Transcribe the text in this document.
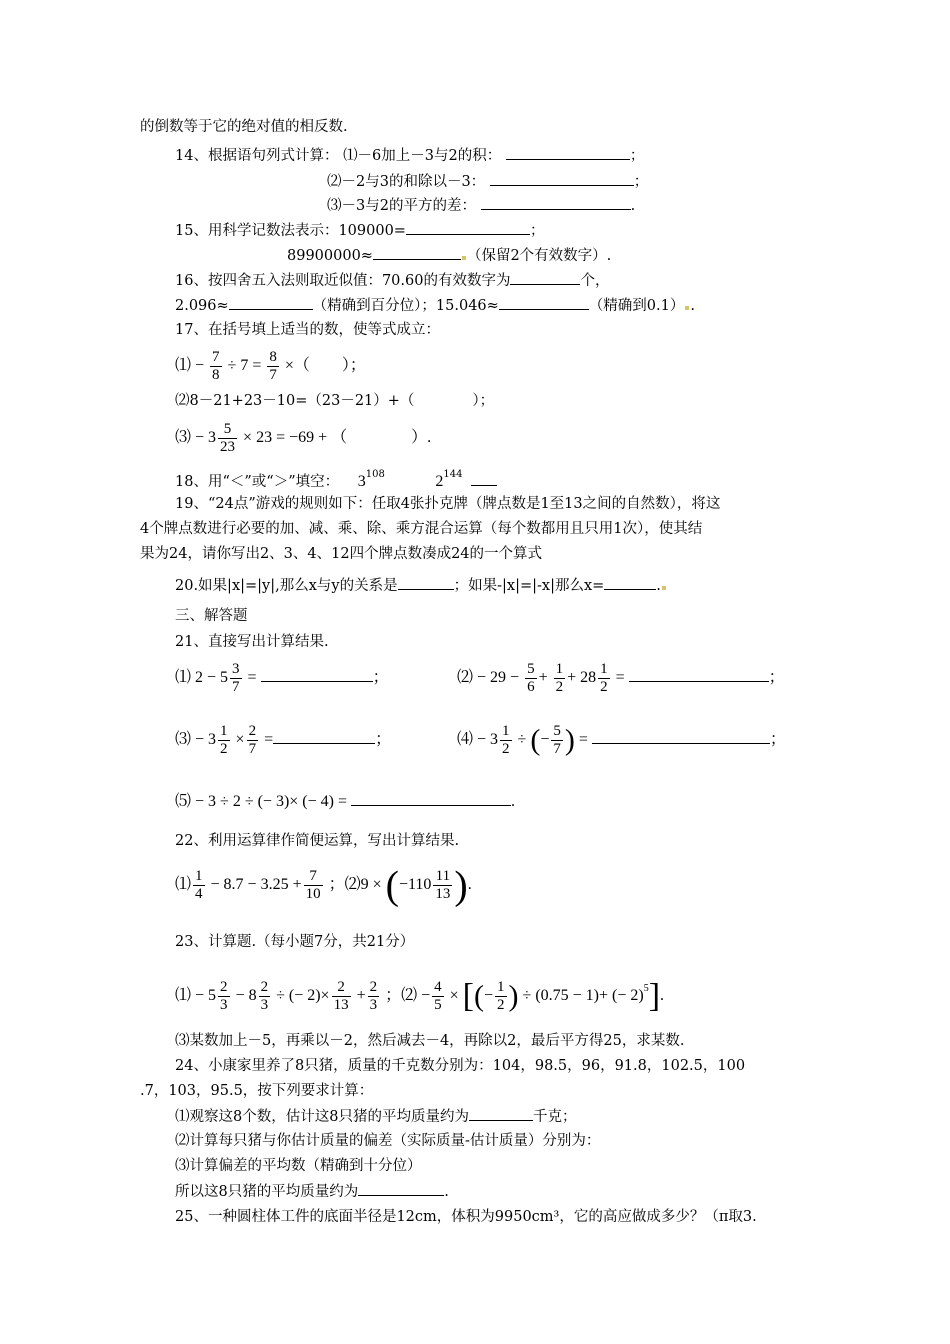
的倒数等于它的绝对值的相反数.
14、根据语句列式计算： ⑴－6加上－3与2的积：	；
⑵－2与3的和除以－3：	；
⑶－3与2的平方的差：	.
15、用科学记数法表示：109000=	；
89900000≈	（保留2个有效数字）.
16、按四舍五入法则取近似值：70.60的有效数字为	个，
2.096≈	（精确到百分位）；15.046≈	（精确到0.1） .
17、在括号填上适当的数，使等式成立：
⑴ − $\frac{7}{8} \div 7 = \frac{8}{7}$ ×（　　）；
⑵8－21+23－10=（23－21）+（　　　　）；
⑶ − $3 \frac{5}{23} \times 23 = -69$ + （　　　　）.
18、用“＜”或“＞”填空： $3^{108}$	$2^{144}$
19、“24点”游戏的规则如下：任取4张扑克牌（牌点数是1至13之间的自然数），将这
4个牌点数进行必要的加、减、乘、除、乘方混合运算（每个数都用且只用1次），使其结
果为24，请你写出2、3、4、12四个牌点数凑成24的一个算式
20.如果|x|=|y|,那么x与y的关系是	；如果-|x|=|-x|那么x=	.
三、解答题
21、直接写出计算结果.
⑴ $2 - 5 \frac{3}{7}$ =	；	⑵ − $29 - \frac{5}{6} + \frac{1}{2} + 28 \frac{1}{2}$ =	；
⑶ − $3 \frac{1}{2} \times \frac{2}{7}$ =	；	⑷ − $3 \frac{1}{2}$ ÷ (− $\frac{5}{7}$ ) =	；
⑸ − 3 ÷ 2 ÷ (− 3)× (− 4) =	.
22、利用运算律作简便运算，写出计算结果.
⑴ $\frac{1}{4} - 8.7 - 3.25 + \frac{7}{10}$ ；⑵9 × ($-110 \frac{11}{13}$ ).
23、计算题.（每小题7分，共21分）
⑴ − $5 \frac{2}{3} - 8 \frac{2}{3}$ ÷ (− $2)\times \frac{2}{13} + \frac{2}{3}$ ；⑵ − $\frac{4}{5}$ × [(− $\frac{1}{2}$ ) ÷ (0.75 − 1)+ (− 2)$^5$].
⑶某数加上－5，再乘以－2，然后减去－4，再除以2，最后平方得25，求某数.
24、小康家里养了8只猪，质量的千克数分别为：104，98.5，96，91.8，102.5，100
.7，103，95.5，按下列要求计算：
⑴观察这8个数，估计这8只猪的平均质量约为	千克；
⑵计算每只猪与你估计质量的偏差（实际质量-估计质量）分别为：
⑶计算偏差的平均数（精确到十分位）
所以这8只猪的平均质量约为	.
25、一种圆柱体工件的底面半径是12cm，体积为9950cm³，它的高应做成多少？（π取3.
